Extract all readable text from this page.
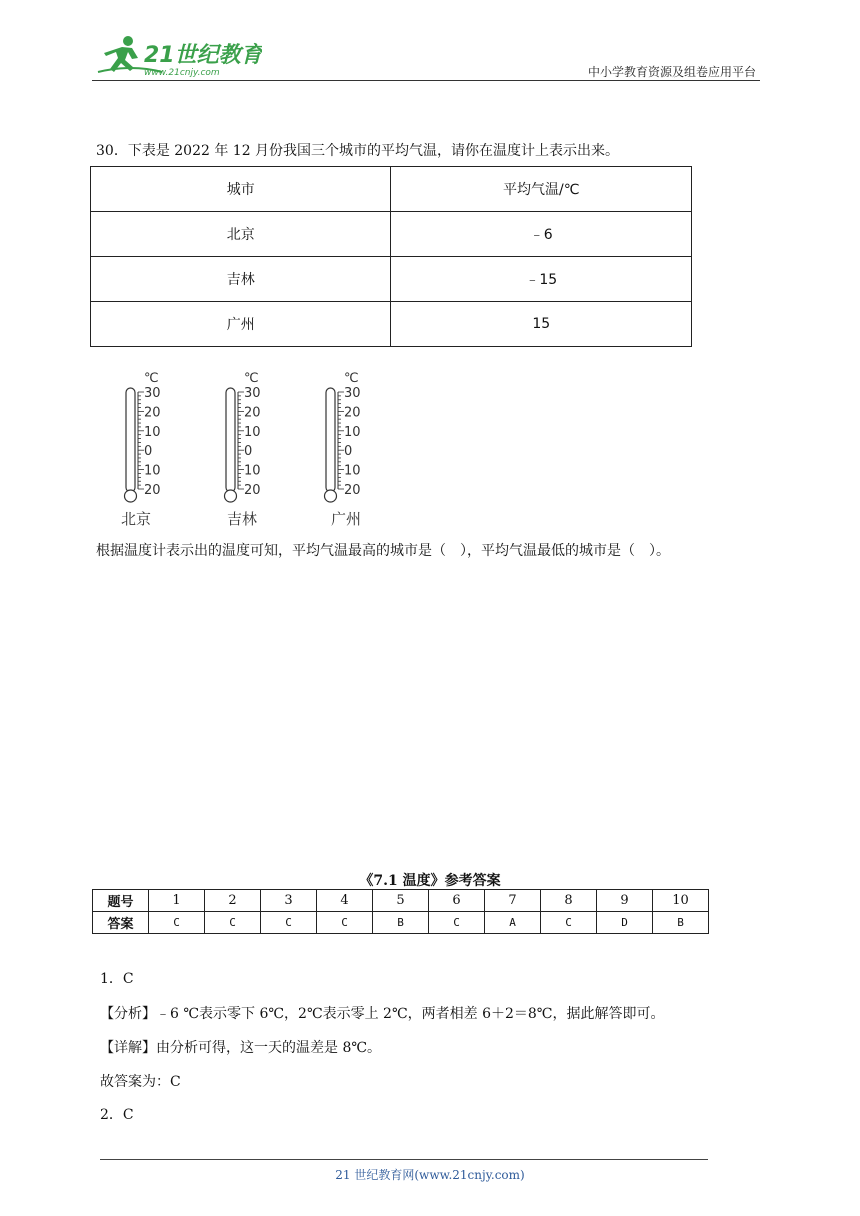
21世纪教育
www.21cnjy.com	中小学教育资源及组卷应用平台
30．下表是 2022 年 12 月份我国三个城市的平均气温，请你在温度计上表示出来。
城市	平均气温/℃
北京	﹣6
吉林	﹣15
广州	15
℃
30
20
10
0
10
20
℃
30
20
10
0
10
20
℃
30
20
10
0
10
20
北京	吉林	广州
根据温度计表示出的温度可知，平均气温最高的城市是（　），平均气温最低的城市是（　）。
《7.1 温度》参考答案
题号	1	2	3	4	5	6	7	8	9	10
答案	C	C	C	C	B	C	A	C	D	B
1．C
【分析】﹣6 ℃表示零下 6℃，2℃表示零上 2℃，两者相差 6＋2＝8℃，据此解答即可。
【详解】由分析可得，这一天的温差是 8℃。
故答案为：C
2．C
21 世纪教育网(www.21cnjy.com)
